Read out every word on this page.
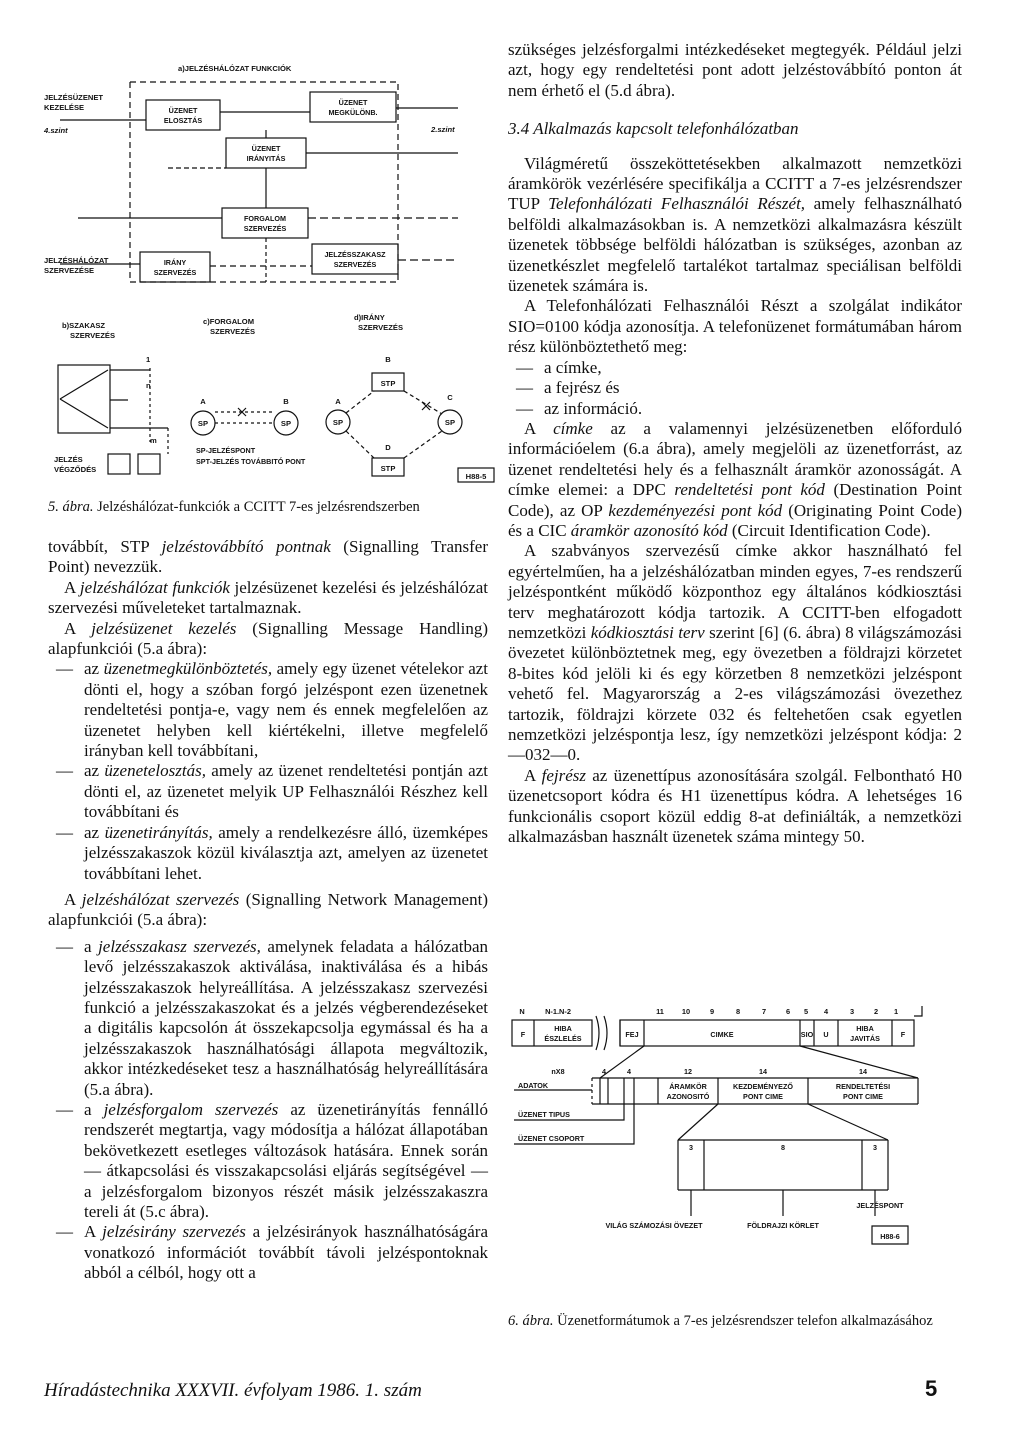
a)JELZÉSHÁLÓZAT FUNKCIÓK
JELZÉSÜZENET
KEZELÉSE
4.szint	2.szint
ÜZENET
ELOSZTÁS
ÜZENET
MEGKÜLÖNB.
ÜZENET
IRÁNYITÁS
FORGALOM
SZERVEZÉS
IRÁNY
SZERVEZÉS
JELZÉSSZAKASZ
SZERVEZÉS
JELZÉSHÁLÓZAT
SZERVEZÉSE
b)SZAKASZ
SZERVEZÉS
c)FORGALOM
SZERVEZÉS
d)IRÁNY
SZERVEZÉS
1
n
m
JELZÉS
VÉGZŐDÉS
A	B
SP	SP
SP-JELZÉSPONT
SPT-JELZÉS TOVÁBBITÓ PONT
B
STP
A
SP
C
SP
D
STP
H88-5
5. ábra. Jelzéshálózat-funkciók a CCITT 7-es jelzésrendszerben

továbbít, STP jelzéstovábbító pontnak (Signalling Transfer Point) nevezzük.

A jelzéshálózat funkciók jelzésüzenet kezelési és jelzéshálózat szervezési műveleteket tartalmaznak.

A jelzésüzenet kezelés (Signalling Message Handling) alapfunkciói (5.a ábra):

— az üzenetmegkülönböztetés, amely egy üzenet vételekor azt dönti el, hogy a szóban forgó jelzéspont ezen üzenetnek rendeltetési pontja-e, vagy nem és ennek megfelelően az üzenetet helyben kell kiértékelni, illetve megfelelő irányban kell továbbítani,
— az üzenetelosztás, amely az üzenet rendeltetési pontján azt dönti el, az üzenetet melyik UP Felhasználói Részhez kell továbbítani és
— az üzenetirányítás, amely a rendelkezésre álló, üzemképes jelzésszakaszok közül kiválasztja azt, amelyen az üzenetet továbbítani lehet.

A jelzéshálózat szervezés (Signalling Network Management) alapfunkciói (5.a ábra):

— a jelzésszakasz szervezés, amelynek feladata a hálózatban levő jelzésszakaszok aktiválása, inaktiválása és a hibás jelzésszakaszok helyreállítása. A jelzésszakasz szervezési funkció a jelzésszakaszokat és a jelzés végberendezéseket a digitális kapcsolón át összekapcsolja egymással és ha a jelzésszakaszok használhatósági állapota megváltozik, akkor intézkedéseket tesz a használhatóság helyreállítására (5.a ábra).
— a jelzésforgalom szervezés az üzenetirányítás fennálló rendszerét megtartja, vagy módosítja a hálózat állapotában bekövetkezett esetleges változások hatására. Ennek során — átkapcsolási és visszakapcsolási eljárás segítségével — a jelzésforgalom bizonyos részét másik jelzésszakaszra tereli át (5.c ábra).
— A jelzésirány szervezés a jelzésirányok használhatóságára vonatkozó információt továbbít távoli jelzéspontoknak abból a célból, hogy ott a

szükséges jelzésforgalmi intézkedéseket megtegyék. Például jelzi azt, hogy egy rendeltetési pont adott jelzéstovábbító ponton át nem érhető el (5.d ábra).

3.4 Alkalmazás kapcsolt telefonhálózatban

Világméretű összeköttetésekben alkalmazott nemzetközi áramkörök vezérlésére specifikálja a CCITT a 7-es jelzésrendszer TUP Telefonhálózati Felhasználói Részét, amely felhasználható belföldi alkalmazásokban is. A nemzetközi alkalmazásra készült üzenetek többsége belföldi hálózatban is szükséges, azonban az üzenetkészlet megfelelő tartalékot tartalmaz speciálisan belföldi üzenetek számára is.

A Telefonhálózati Felhasználói Részt a szolgálat indikátor SIO=0100 kódja azonosítja. A telefonüzenet formátumában három rész különböztethető meg:

— a címke,
— a fejrész és
— az információ.

A címke az a valamennyi jelzésüzenetben előforduló információelem (6.a ábra), amely megjelöli az üzenetforrást, az üzenet rendeltetési hely és a felhasznált áramkör azonosságát. A címke elemei: a DPC rendeltetési pont kód (Destination Point Code), az OP kezdeményezési pont kód (Originating Point Code) és a CIC áramkör azonosító kód (Circuit Identification Code).

A szabványos szervezésű címke akkor használható fel egyértelműen, ha a jelzéshálózatban minden egyes, 7-es rendszerű jelzéspontként működő központhoz egy általános kódkiosztási terv meghatározott kódja tartozik. A CCITT-ben elfogadott nemzetközi kódkiosztási terv szerint [6] (6. ábra) 8 világszámozási övezetet különböztetnek meg, egy övezetben a földrajzi körzetet 8-bites kód jelöli ki és egy körzetben 8 nemzetközi jelzéspont vehető fel. Magyarország a 2-es világszámozási övezethez tartozik, földrajzi körzete 032 és feltehetően csak egyetlen nemzetközi jelzéspontja lesz, így nemzetközi jelzéspont kódja: 2—032—0.

A fejrész az üzenettípus azonosítására szolgál. Felbontható H0 üzenetcsoport kódra és H1 üzenettípus kódra. A lehetséges 16 funkcionális csoport közül eddig 8-at definiálták, a nemzetközi alkalmazásban használt üzenetek száma mintegy 50.

N	N-1.N-2	11 10	9	8	7	6 5 4	3	2 1
F
HIBA
ÉSZLELÉS	FEJ	CIMKE	SIO U
HIBA
JAVITÁS	F
nX8	4	4	12	14	14
ÁRAMKÖR
AZONOSITÓ
KEZDEMÉNYEZŐ
PONT CIME
RENDELTETÉSI
PONT CIME
3	8	3
VILÁG SZÁMOZÁSI ÖVEZET	FÖLDRAJZI KÖRLET
JELZÉSPONT
H88-6
ADATOK
ÜZENET TIPUS
ÜZENET CSOPORT
6. ábra. Üzenetformátumok a 7-es jelzésrendszer telefon alkalmazásához
Híradástechnika XXXVII. évfolyam 1986. 1. szám	5
